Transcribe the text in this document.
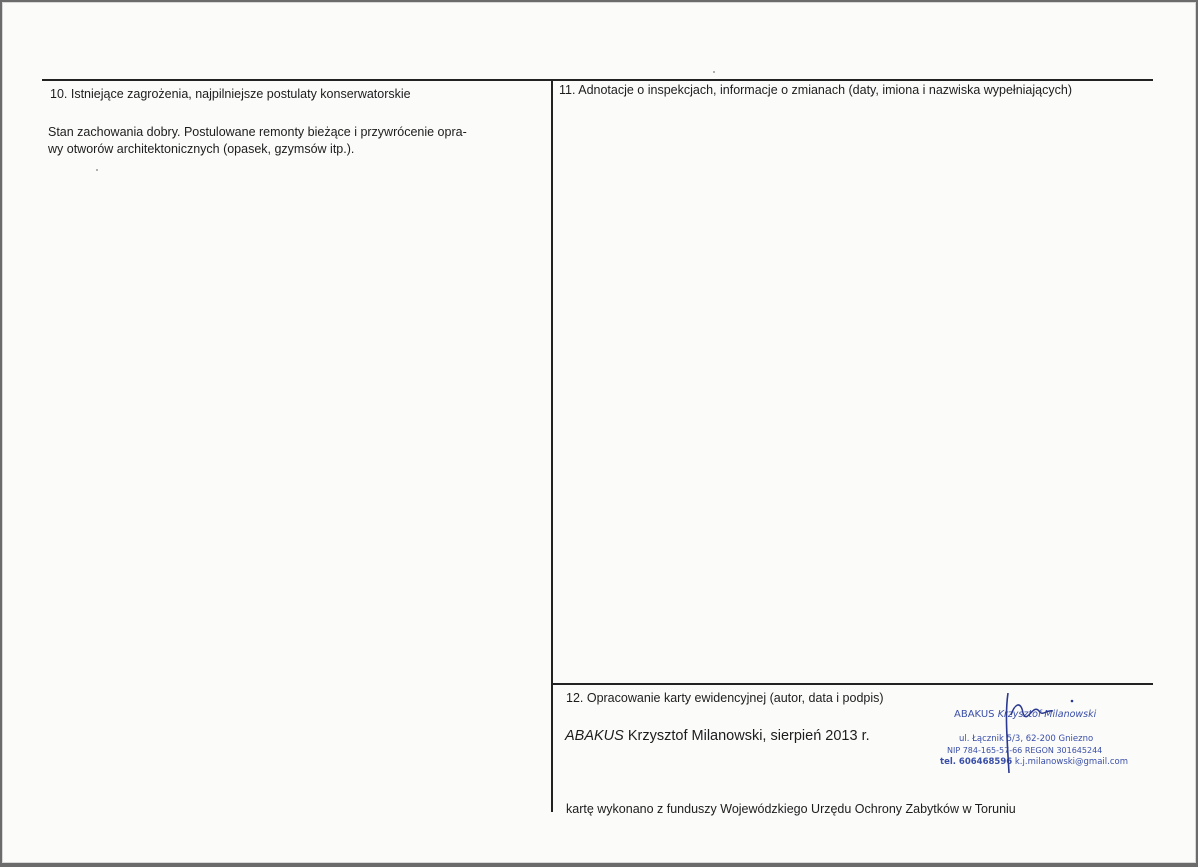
10. Istniejące zagrożenia, najpilniejsze postulaty konserwatorskie
Stan zachowania dobry. Postulowane remonty bieżące i przywrócenie opra-
wy otworów architektonicznych (opasek, gzymsów itp.).
11. Adnotacje o inspekcjach, informacje o zmianach (daty, imiona i nazwiska wypełniających)
12. Opracowanie karty ewidencyjnej (autor, data i podpis)
ABAKUS Krzysztof Milanowski, sierpień 2013 r.
ABAKUS Krzysztof Milanowski
ul. Łącznik 5/3, 62-200 Gniezno
NIP 784-165-57-66 REGON 301645244
tel. 606468596 k.j.milanowski@gmail.com
kartę wykonano z funduszy Wojewódzkiego Urzędu Ochrony Zabytków w Toruniu
